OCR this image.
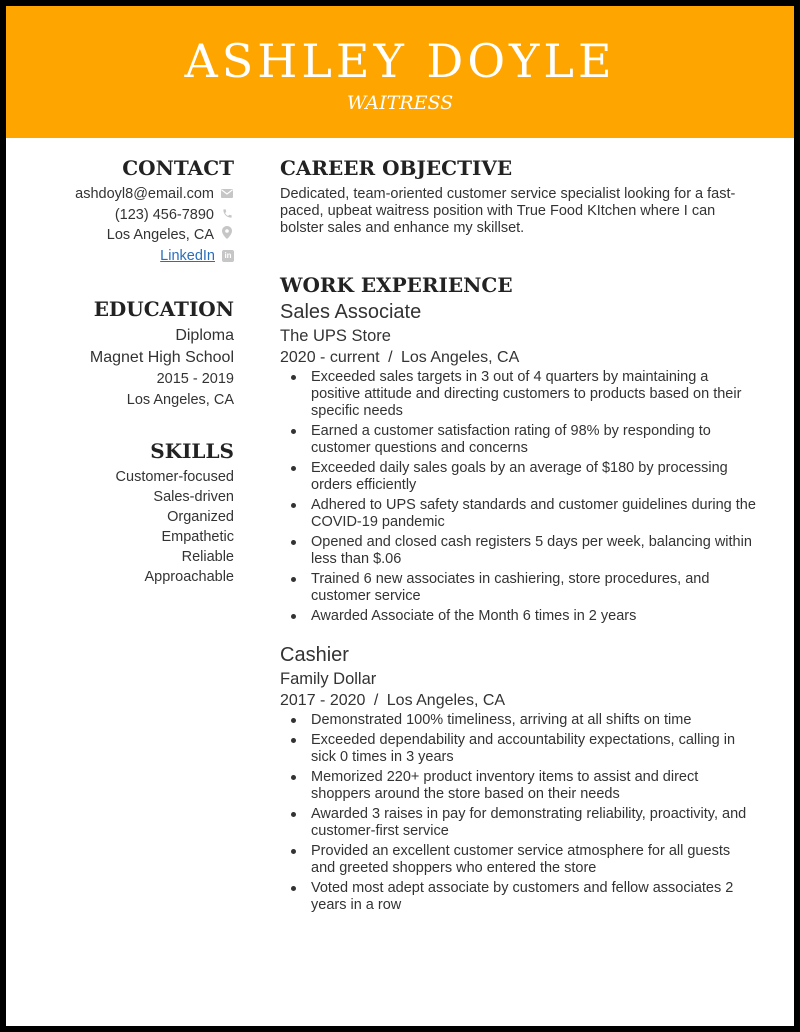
ASHLEY DOYLE
WAITRESS
CONTACT
ashdoyl8@email.com
(123) 456-7890
Los Angeles, CA
LinkedIn in
EDUCATION
Diploma
Magnet High School
2015 - 2019
Los Angeles, CA
SKILLS
Customer-focused
Sales-driven
Organized
Empathetic
Reliable
Approachable
CAREER OBJECTIVE

Dedicated, team-oriented customer service specialist looking for a fast-paced, upbeat waitress position with True Food KItchen where I can bolster sales and enhance my skillset.

WORK EXPERIENCE
Sales Associate
The UPS Store
2020 - current / Los Angeles, CA
Exceeded sales targets in 3 out of 4 quarters by maintaining a positive attitude and directing customers to products based on their specific needs
Earned a customer satisfaction rating of 98% by responding to customer questions and concerns
Exceeded daily sales goals by an average of $180 by processing orders efficiently
Adhered to UPS safety standards and customer guidelines during the COVID-19 pandemic
Opened and closed cash registers 5 days per week, balancing within less than $.06
Trained 6 new associates in cashiering, store procedures, and customer service
Awarded Associate of the Month 6 times in 2 years
Cashier
Family Dollar
2017 - 2020 / Los Angeles, CA
Demonstrated 100% timeliness, arriving at all shifts on time
Exceeded dependability and accountability expectations, calling in sick 0 times in 3 years
Memorized 220+ product inventory items to assist and direct shoppers around the store based on their needs
Awarded 3 raises in pay for demonstrating reliability, proactivity, and customer-first service
Provided an excellent customer service atmosphere for all guests and greeted shoppers who entered the store
Voted most adept associate by customers and fellow associates 2 years in a row
